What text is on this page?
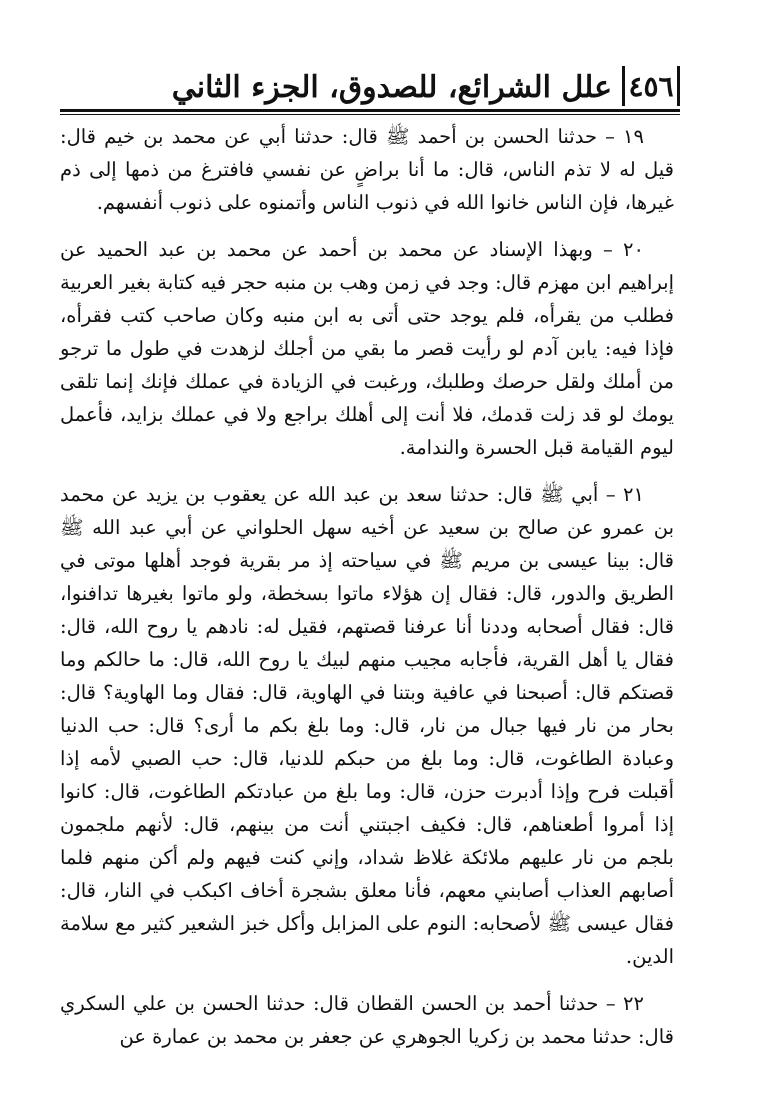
٤٥٦
علل الشرائع، للصدوق، الجزء الثاني

١٩ – حدثنا الحسن بن أحمد ﷺ قال: حدثنا أبي عن محمد بن خيم قال: قيل له لا تذم الناس، قال: ما أنا براضٍ عن نفسي فافترغ من ذمها إلى ذم غيرها، فإن الناس خانوا الله في ذنوب الناس وأتمنوه على ذنوب أنفسهم.

٢٠ – وبهذا الإسناد عن محمد بن أحمد عن محمد بن عبد الحميد عن إبراهيم ابن مهزم قال: وجد في زمن وهب بن منبه حجر فيه كتابة بغير العربية فطلب من يقرأه، فلم يوجد حتى أتى به ابن منبه وكان صاحب كتب فقرأه، فإذا فيه: يابن آدم لو رأيت قصر ما بقي من أجلك لزهدت في طول ما ترجو من أملك ولقل حرصك وطلبك، ورغبت في الزيادة في عملك فإنك إنما تلقى يومك لو قد زلت قدمك، فلا أنت إلى أهلك براجع ولا في عملك بزايد، فأعمل ليوم القيامة قبل الحسرة والندامة.

٢١ – أبي ﷺ قال: حدثنا سعد بن عبد الله عن يعقوب بن يزيد عن محمد بن عمرو عن صالح بن سعيد عن أخيه سهل الحلواني عن أبي عبد الله ﷺ قال: بينا عيسى بن مريم ﷺ في سياحته إذ مر بقرية فوجد أهلها موتى في الطريق والدور، قال: فقال إن هؤلاء ماتوا بسخطة، ولو ماتوا بغيرها تدافنوا، قال: فقال أصحابه وددنا أنا عرفنا قصتهم، فقيل له: نادهم يا روح الله، قال: فقال يا أهل القرية، فأجابه مجيب منهم لبيك يا روح الله، قال: ما حالكم وما قصتكم قال: أصبحنا في عافية وبتنا في الهاوية، قال: فقال وما الهاوية؟ قال: بحار من نار فيها جبال من نار، قال: وما بلغ بكم ما أرى؟ قال: حب الدنيا وعبادة الطاغوت، قال: وما بلغ من حبكم للدنيا، قال: حب الصبي لأمه إذا أقبلت فرح وإذا أدبرت حزن، قال: وما بلغ من عبادتكم الطاغوت، قال: كانوا إذا أمروا أطعناهم، قال: فكيف اجبتني أنت من بينهم، قال: لأنهم ملجمون بلجم من نار عليهم ملائكة غلاظ شداد، وإني كنت فيهم ولم أكن منهم فلما أصابهم العذاب أصابني معهم، فأنا معلق بشجرة أخاف اكبكب في النار، قال: فقال عيسى ﷺ لأصحابه: النوم على المزابل وأكل خبز الشعير كثير مع سلامة الدين.

٢٢ – حدثنا أحمد بن الحسن القطان قال: حدثنا الحسن بن علي السكري قال: حدثنا محمد بن زكريا الجوهري عن جعفر بن محمد بن عمارة عن
